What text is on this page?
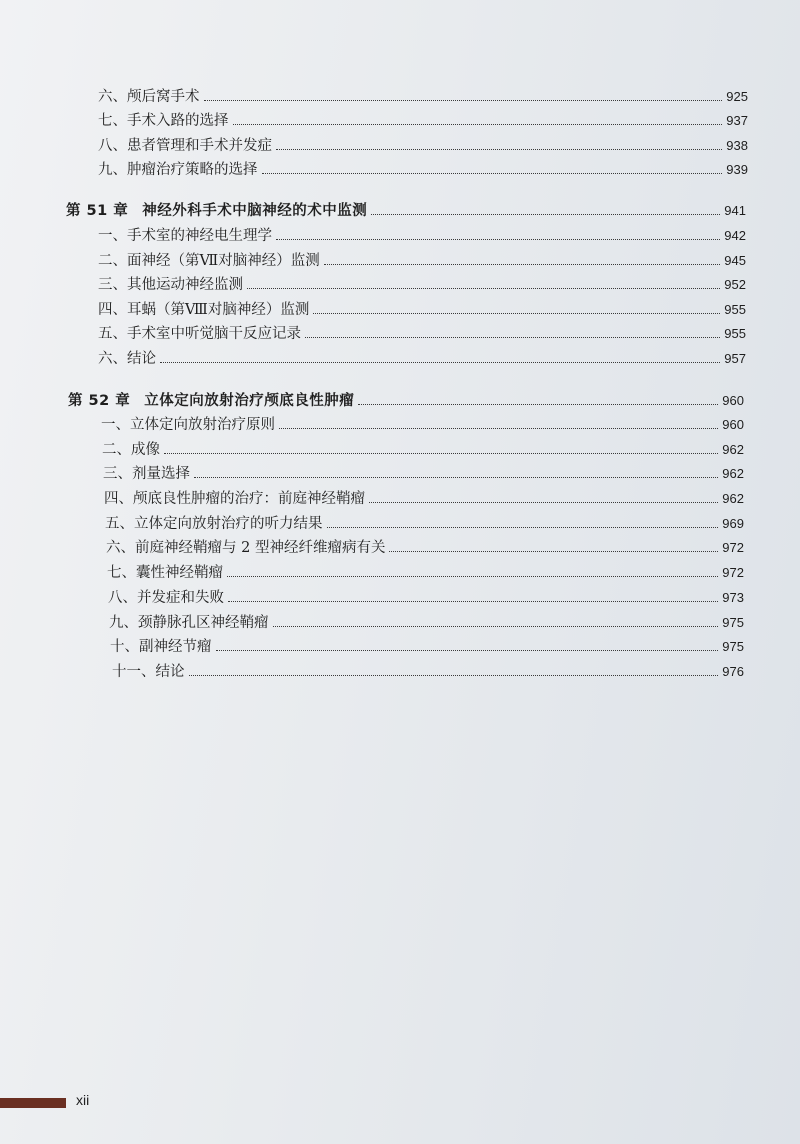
六、颅后窝手术	925
七、手术入路的选择	937
八、患者管理和手术并发症	938
九、肿瘤治疗策略的选择	939
第 51 章 神经外科手术中脑神经的术中监测	941
一、手术室的神经电生理学	942
二、面神经（第Ⅶ对脑神经）监测	945
三、其他运动神经监测	952
四、耳蜗（第Ⅷ对脑神经）监测	955
五、手术室中听觉脑干反应记录	955
六、结论	957
第 52 章 立体定向放射治疗颅底良性肿瘤	960
一、立体定向放射治疗原则	960
二、成像	962
三、剂量选择	962
四、颅底良性肿瘤的治疗：前庭神经鞘瘤	962
五、立体定向放射治疗的听力结果	969
六、前庭神经鞘瘤与 2 型神经纤维瘤病有关	972
七、囊性神经鞘瘤	972
八、并发症和失败	973
九、颈静脉孔区神经鞘瘤	975
十、副神经节瘤	975
十一、结论	976
xii
